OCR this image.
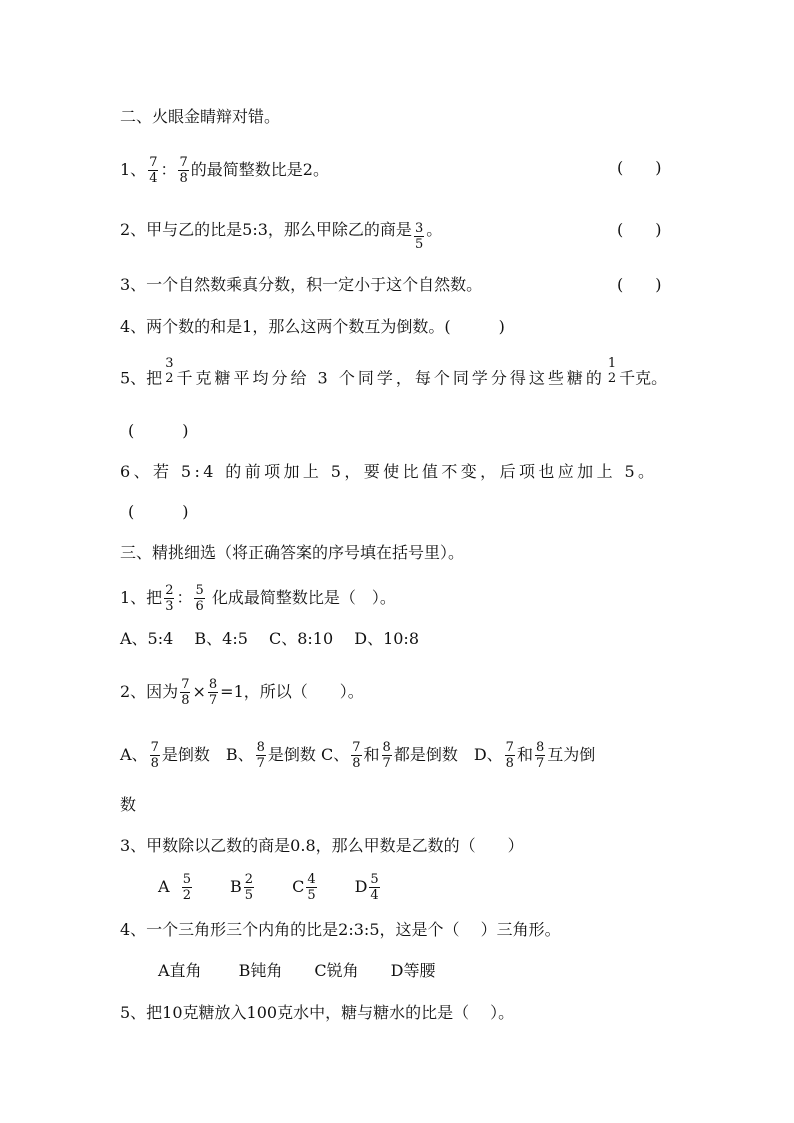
二、火眼金睛辩对错。
1、 $\frac{7}{4}$ ： $\frac{7}{8}$ 的最简整数比是2。	(　　)
2、甲与乙的比是5:3，那么甲除乙的商是 $\frac{3}{5}$ 。	(　　)
3、一个自然数乘真分数，积一定小于这个自然数。	(　　)
4、两个数的和是1，那么这两个数互为倒数。(　　　)
5、把
3
2 千克糖平均分给 3 个同学，每个同学分得这些糖的
1
2 千克。
(　　　)
6、若 5:4 的前项加上 5，要使比值不变，后项也应加上 5。
(　　　)
三、精挑细选（将正确答案的序号填在括号里）。
1、把 $\frac{2}{3}$ ： $\frac{5}{6}$ 化成最简整数比是（　）。
A、5:4　 B、4:5　 C、8:10　 D、10:8
2、因为 $\frac{7}{8} \times \frac{8}{7} =1$，所以（　　）。
A、 $\frac{7}{8}$ 是倒数　B、 $\frac{8}{7}$ 是倒数 C、 $\frac{7}{8}$ 和 $\frac{8}{7}$ 都是倒数　D、 $\frac{7}{8}$ 和 $\frac{8}{7}$ 互为倒
数
3、甲数除以乙数的商是0.8，那么甲数是乙数的（　　）
A $\frac{5}{2}$ B $\frac{2}{5}$ C $\frac{4}{5}$ D $\frac{5}{4}$
4、一个三角形三个内角的比是2:3:5，这是个（　 ）三角形。
A直角　　 B钝角　　C锐角　　D等腰
5、把10克糖放入100克水中，糖与糖水的比是（　 ）。
